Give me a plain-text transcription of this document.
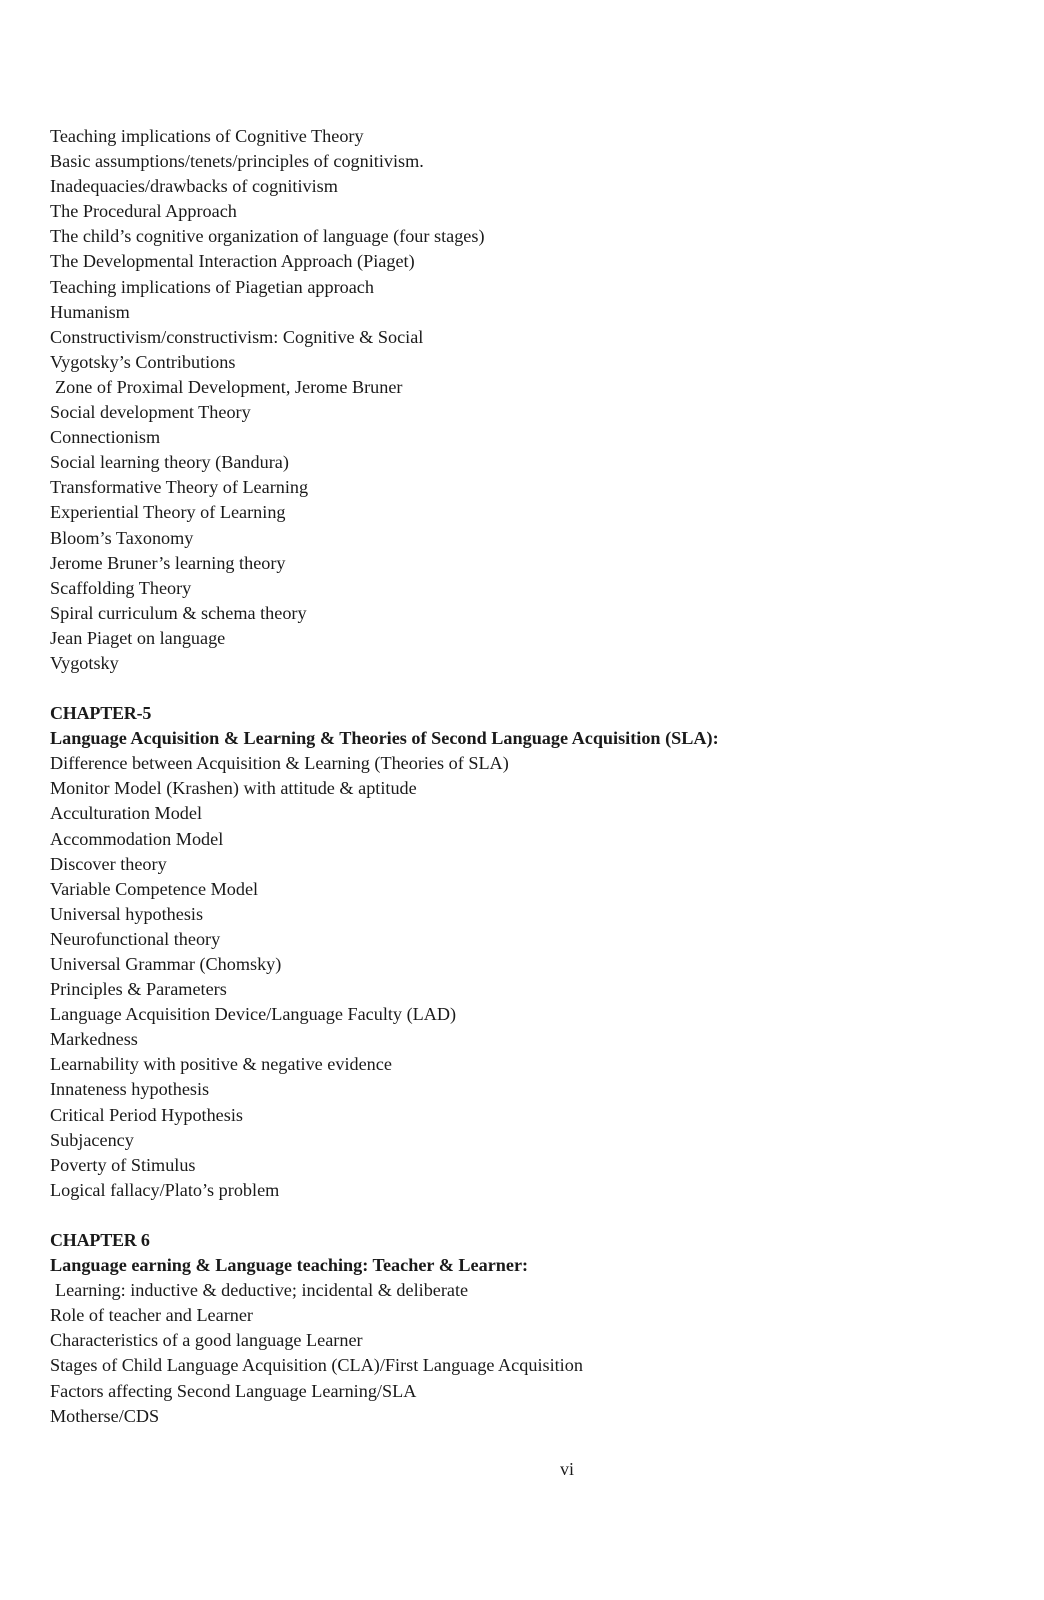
Teaching implications of Cognitive Theory
Basic assumptions/tenets/principles of cognitivism.
Inadequacies/drawbacks of cognitivism
The Procedural Approach
The child’s cognitive organization of language (four stages)
The Developmental Interaction Approach (Piaget)
Teaching implications of Piagetian approach
Humanism
Constructivism/constructivism: Cognitive & Social
Vygotsky’s Contributions
Zone of Proximal Development, Jerome Bruner
Social development Theory
Connectionism
Social learning theory (Bandura)
Transformative Theory of Learning
Experiential Theory of Learning
Bloom’s Taxonomy
Jerome Bruner’s learning theory
Scaffolding Theory
Spiral curriculum & schema theory
Jean Piaget on language
Vygotsky
CHAPTER-5
Language Acquisition & Learning & Theories of Second Language Acquisition (SLA):
Difference between Acquisition & Learning (Theories of SLA)
Monitor Model (Krashen) with attitude & aptitude
Acculturation Model
Accommodation Model
Discover theory
Variable Competence Model
Universal hypothesis
Neurofunctional theory
Universal Grammar (Chomsky)
Principles & Parameters
Language Acquisition Device/Language Faculty (LAD)
Markedness
Learnability with positive & negative evidence
Innateness hypothesis
Critical Period Hypothesis
Subjacency
Poverty of Stimulus
Logical fallacy/Plato’s problem
CHAPTER 6
Language earning & Language teaching: Teacher & Learner:
Learning: inductive & deductive; incidental & deliberate
Role of teacher and Learner
Characteristics of a good language Learner
Stages of Child Language Acquisition (CLA)/First Language Acquisition
Factors affecting Second Language Learning/SLA
Motherse/CDS
vi
